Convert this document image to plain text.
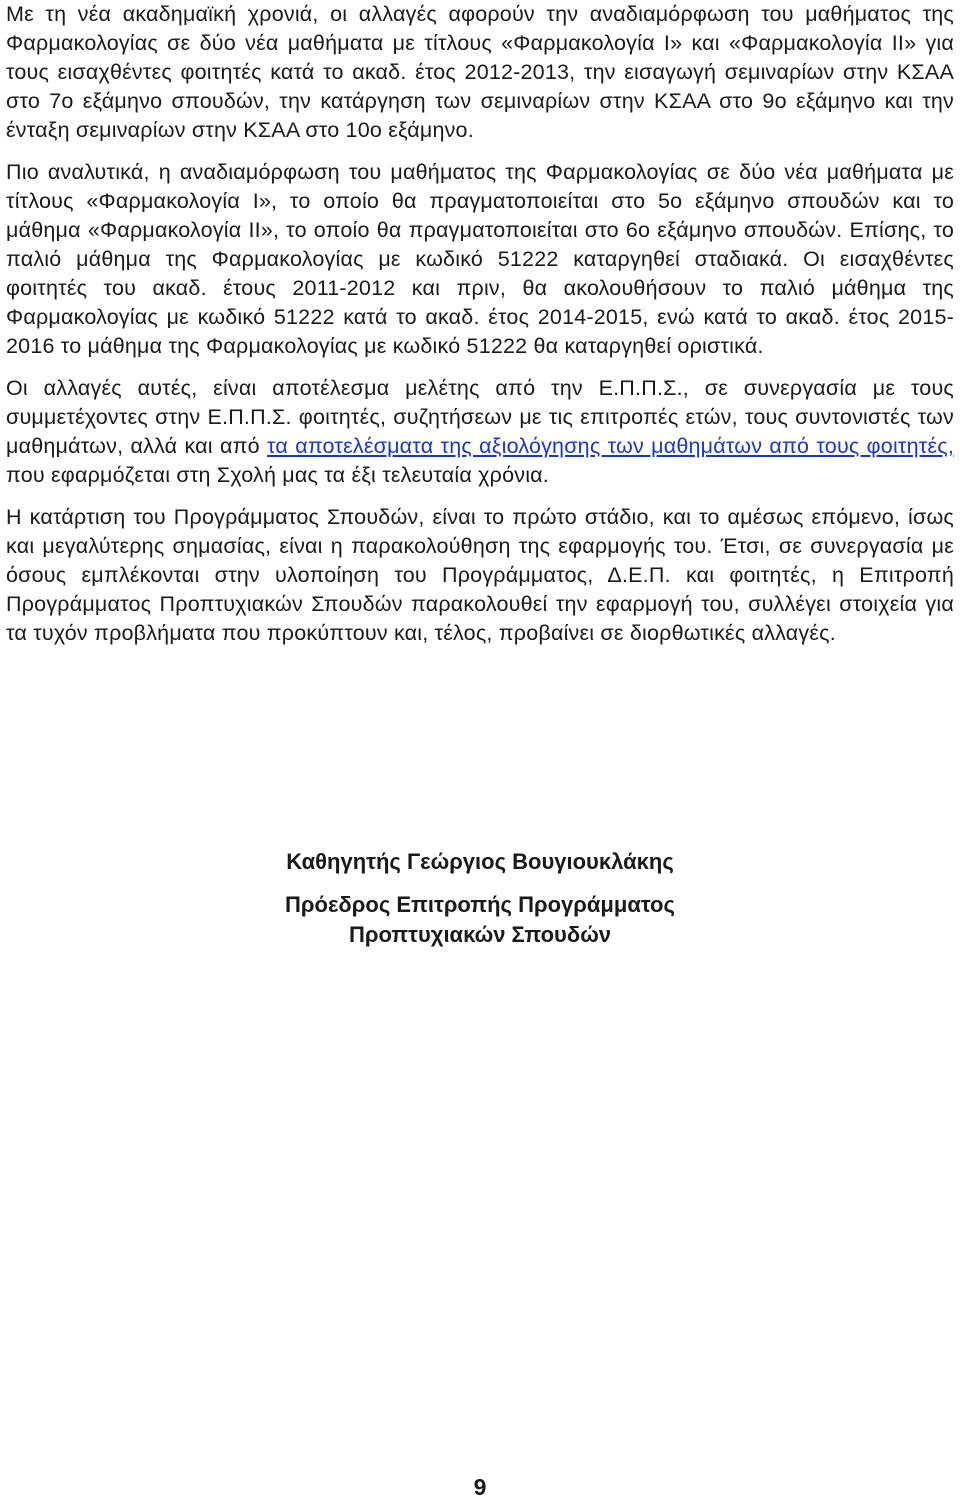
Με τη νέα ακαδημαϊκή χρονιά, οι αλλαγές αφορούν την αναδιαμόρφωση του μαθήματος της Φαρμακολογίας σε δύο νέα μαθήματα με τίτλους «Φαρμακολογία Ι» και «Φαρμακολογία ΙΙ» για τους εισαχθέντες φοιτητές κατά το ακαδ. έτος 2012-2013, την εισαγωγή σεμιναρίων στην ΚΣΑΑ στο 7ο εξάμηνο σπουδών, την κατάργηση των σεμιναρίων στην ΚΣΑΑ στο 9ο εξάμηνο και την ένταξη σεμιναρίων στην ΚΣΑΑ στο 10ο εξάμηνο.

Πιο αναλυτικά, η αναδιαμόρφωση του μαθήματος της Φαρμακολογίας σε δύο νέα μαθήματα με τίτλους «Φαρμακολογία Ι», το οποίο θα πραγματοποιείται στο 5ο εξάμηνο σπουδών και το μάθημα «Φαρμακολογία ΙΙ», το οποίο θα πραγματοποιείται στο 6ο εξάμηνο σπουδών. Επίσης, το παλιό μάθημα της Φαρμακολογίας με κωδικό 51222 καταργηθεί σταδιακά. Οι εισαχθέντες φοιτητές του ακαδ. έτους 2011-2012 και πριν, θα ακολουθήσουν το παλιό μάθημα της Φαρμακολογίας με κωδικό 51222 κατά το ακαδ. έτος 2014-2015, ενώ κατά το ακαδ. έτος 2015-2016 το μάθημα της Φαρμακολογίας με κωδικό 51222 θα καταργηθεί οριστικά.

Οι αλλαγές αυτές, είναι αποτέλεσμα μελέτης από την Ε.Π.Π.Σ., σε συνεργασία με τους συμμετέχοντες στην Ε.Π.Π.Σ. φοιτητές, συζητήσεων με τις επιτροπές ετών, τους συντονιστές των μαθημάτων, αλλά και από τα αποτελέσματα της αξιολόγησης των μαθημάτων από τους φοιτητές, που εφαρμόζεται στη Σχολή μας τα έξι τελευταία χρόνια.

Η κατάρτιση του Προγράμματος Σπουδών, είναι το πρώτο στάδιο, και το αμέσως επόμενο, ίσως και μεγαλύτερης σημασίας, είναι η παρακολούθηση της εφαρμογής του. Έτσι, σε συνεργασία με όσους εμπλέκονται στην υλοποίηση του Προγράμματος, Δ.Ε.Π. και φοιτητές, η Επιτροπή Προγράμματος Προπτυχιακών Σπουδών παρακολουθεί την εφαρμογή του, συλλέγει στοιχεία για τα τυχόν προβλήματα που προκύπτουν και, τέλος, προβαίνει σε διορθωτικές αλλαγές.

Καθηγητής Γεώργιος Βουγιουκλάκης
Πρόεδρος Επιτροπής Προγράμματος
Προπτυχιακών Σπουδών
9
